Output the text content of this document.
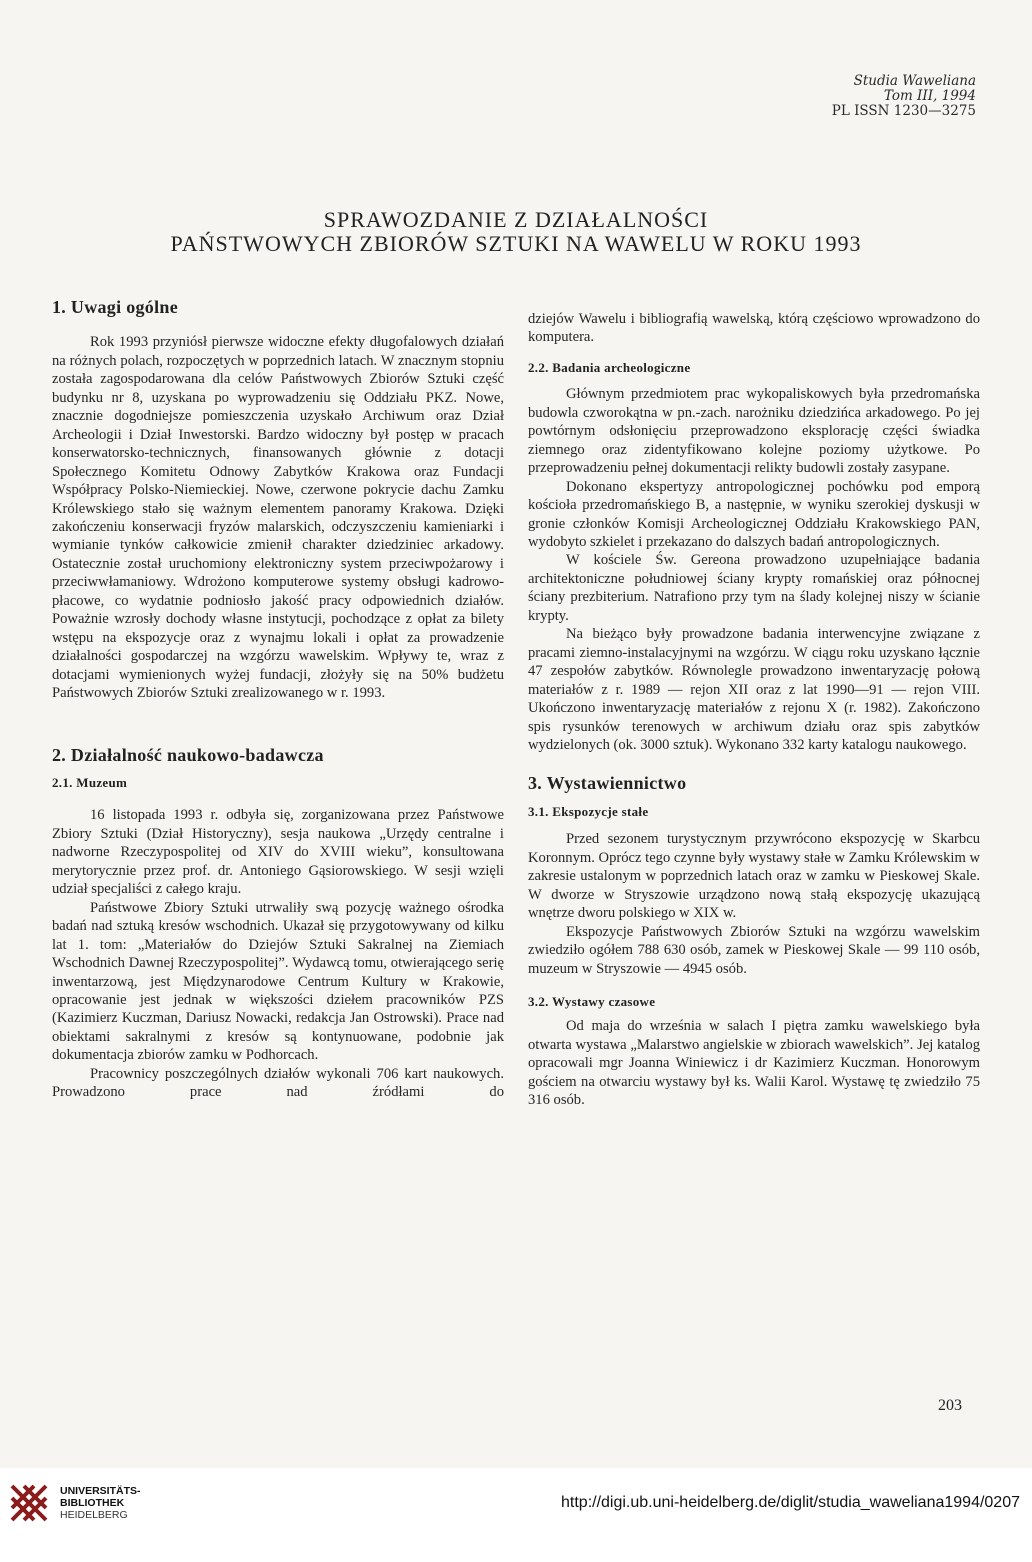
Studia Waweliana
Tom III, 1994
PL ISSN 1230—3275
SPRAWOZDANIE Z DZIAŁALNOŚCI
PAŃSTWOWYCH ZBIORÓW SZTUKI NA WAWELU W ROKU 1993
1. Uwagi ogólne

Rok 1993 przyniósł pierwsze widoczne efekty długofalowych działań na różnych polach, rozpoczętych w poprzednich latach. W znacznym stopniu została zagospodarowana dla celów Państwowych Zbiorów Sztuki część budynku nr 8, uzyskana po wyprowadzeniu się Oddziału PKZ. Nowe, znacznie dogodniejsze pomieszczenia uzyskało Archiwum oraz Dział Archeologii i Dział Inwestorski. Bardzo widoczny był postęp w pracach konserwatorsko-technicznych, finansowanych głównie z dotacji Społecznego Komitetu Odnowy Zabytków Krakowa oraz Fundacji Współpracy Polsko-Niemieckiej. Nowe, czerwone pokrycie dachu Zamku Królewskiego stało się ważnym elementem panoramy Krakowa. Dzięki zakończeniu konserwacji fryzów malarskich, odczyszczeniu kamieniarki i wymianie tynków całkowicie zmienił charakter dziedziniec arkadowy. Ostatecznie został uruchomiony elektroniczny system przeciwpożarowy i przeciwwłamaniowy. Wdrożono komputerowe systemy obsługi kadrowo-płacowe, co wydatnie podniosło jakość pracy odpowiednich działów. Poważnie wzrosły dochody własne instytucji, pochodzące z opłat za bilety wstępu na ekspozycje oraz z wynajmu lokali i opłat za prowadzenie działalności gospodarczej na wzgórzu wawelskim. Wpływy te, wraz z dotacjami wymienionych wyżej fundacji, złożyły się na 50% budżetu Państwowych Zbiorów Sztuki zrealizowanego w r. 1993.

2. Działalność naukowo-badawcza
2.1. Muzeum

16 listopada 1993 r. odbyła się, zorganizowana przez Państwowe Zbiory Sztuki (Dział Historyczny), sesja naukowa „Urzędy centralne i nadworne Rzeczypospolitej od XIV do XVIII wieku”, konsultowana merytorycznie przez prof. dr. Antoniego Gąsiorowskiego. W sesji wzięli udział specjaliści z całego kraju.

Państwowe Zbiory Sztuki utrwaliły swą pozycję ważnego ośrodka badań nad sztuką kresów wschodnich. Ukazał się przygotowywany od kilku lat 1. tom: „Materiałów do Dziejów Sztuki Sakralnej na Ziemiach Wschodnich Dawnej Rzeczypospolitej”. Wydawcą tomu, otwierającego serię inwentarzową, jest Międzynarodowe Centrum Kultury w Krakowie, opracowanie jest jednak w większości dziełem pracowników PZS (Kazimierz Kuczman, Dariusz Nowacki, redakcja Jan Ostrowski). Prace nad obiektami sakralnymi z kresów są kontynuowane, podobnie jak dokumentacja zbiorów zamku w Podhorcach.

Pracownicy poszczególnych działów wykonali 706 kart naukowych. Prowadzono prace nad źródłami do

dziejów Wawelu i bibliografią wawelską, którą częściowo wprowadzono do komputera.

2.2. Badania archeologiczne

Głównym przedmiotem prac wykopaliskowych była przedromańska budowla czworokątna w pn.-zach. narożniku dziedzińca arkadowego. Po jej powtórnym odsłonięciu przeprowadzono eksplorację części świadka ziemnego oraz zidentyfikowano kolejne poziomy użytkowe. Po przeprowadzeniu pełnej dokumentacji relikty budowli zostały zasypane.

Dokonano ekspertyzy antropologicznej pochówku pod emporą kościoła przedromańskiego B, a następnie, w wyniku szerokiej dyskusji w gronie członków Komisji Archeologicznej Oddziału Krakowskiego PAN, wydobyto szkielet i przekazano do dalszych badań antropologicznych.

W kościele Św. Gereona prowadzono uzupełniające badania architektoniczne południowej ściany krypty romańskiej oraz północnej ściany prezbiterium. Natrafiono przy tym na ślady kolejnej niszy w ścianie krypty.

Na bieżąco były prowadzone badania interwencyjne związane z pracami ziemno-instalacyjnymi na wzgórzu. W ciągu roku uzyskano łącznie 47 zespołów zabytków. Równolegle prowadzono inwentaryzację połową materiałów z r. 1989 — rejon XII oraz z lat 1990—91 — rejon VIII. Ukończono inwentaryzację materiałów z rejonu X (r. 1982). Zakończono spis rysunków terenowych w archiwum działu oraz spis zabytków wydzielonych (ok. 3000 sztuk). Wykonano 332 karty katalogu naukowego.

3. Wystawiennictwo
3.1. Ekspozycje stałe

Przed sezonem turystycznym przywrócono ekspozycję w Skarbcu Koronnym. Oprócz tego czynne były wystawy stałe w Zamku Królewskim w zakresie ustalonym w poprzednich latach oraz w zamku w Pieskowej Skale. W dworze w Stryszowie urządzono nową stałą ekspozycję ukazującą wnętrze dworu polskiego w XIX w.

Ekspozycje Państwowych Zbiorów Sztuki na wzgórzu wawelskim zwiedziło ogółem 788 630 osób, zamek w Pieskowej Skale — 99 110 osób, muzeum w Stryszowie — 4945 osób.

3.2. Wystawy czasowe

Od maja do września w salach I piętra zamku wawelskiego była otwarta wystawa „Malarstwo angielskie w zbiorach wawelskich”. Jej katalog opracowali mgr Joanna Winiewicz i dr Kazimierz Kuczman. Honorowym gościem na otwarciu wystawy był ks. Walii Karol. Wystawę tę zwiedziło 75 316 osób.

203
UNIVERSITÄTS-
BIBLIOTHEK
HEIDELBERG
http://digi.ub.uni-heidelberg.de/diglit/studia_waweliana1994/0207
